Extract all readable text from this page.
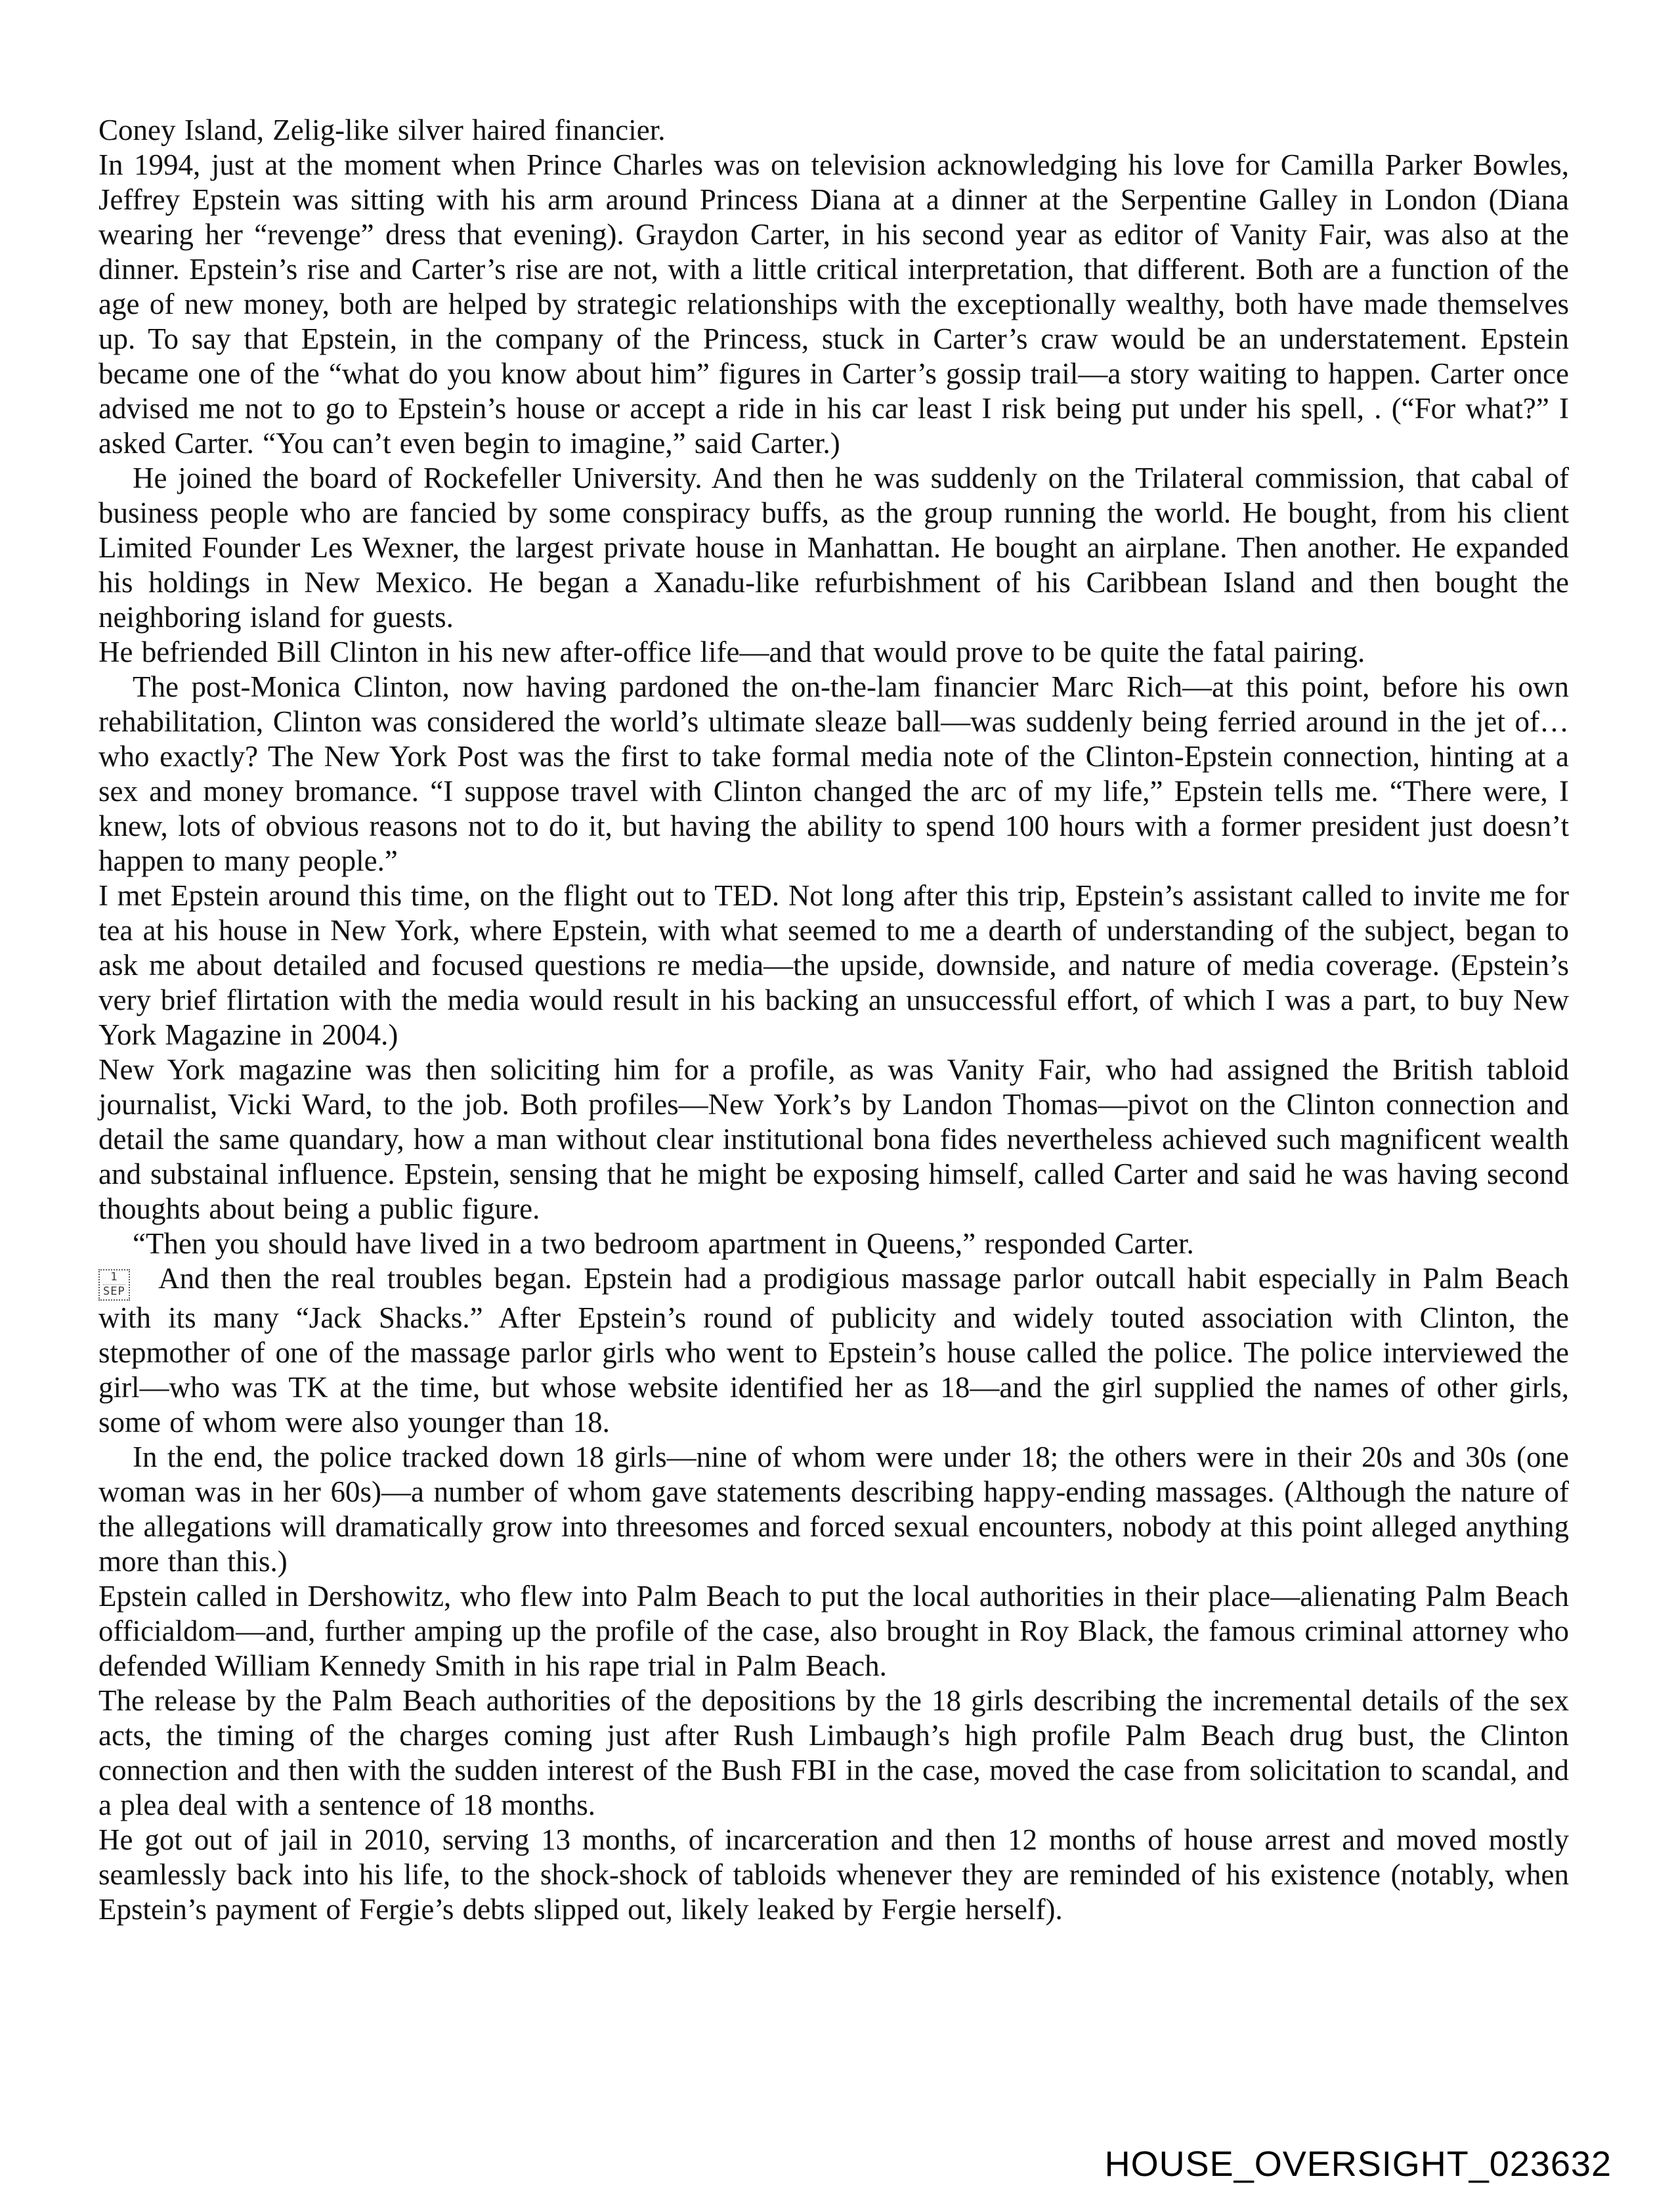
Coney Island, Zelig-like silver haired financier.

In 1994, just at the moment when Prince Charles was on television acknowledging his love for Camilla Parker Bowles, Jeffrey Epstein was sitting with his arm around Princess Diana at a dinner at the Serpentine Galley in London (Diana wearing her “revenge” dress that evening). Graydon Carter, in his second year as editor of Vanity Fair, was also at the dinner. Epstein’s rise and Carter’s rise are not, with a little critical interpretation, that different. Both are a function of the age of new money, both are helped by strategic relationships with the exceptionally wealthy, both have made themselves up. To say that Epstein, in the company of the Princess, stuck in Carter’s craw would be an understatement. Epstein became one of the “what do you know about him” figures in Carter’s gossip trail—a story waiting to happen. Carter once advised me not to go to Epstein’s house or accept a ride in his car least I risk being put under his spell, . (“For what?” I asked Carter. “You can’t even begin to imagine,” said Carter.)

He joined the board of Rockefeller University. And then he was suddenly on the Trilateral commission, that cabal of business people who are fancied by some conspiracy buffs, as the group running the world. He bought, from his client Limited Founder Les Wexner, the largest private house in Manhattan. He bought an airplane. Then another. He expanded his holdings in New Mexico. He began a Xanadu-like refurbishment of his Caribbean Island and then bought the neighboring island for guests.

He befriended Bill Clinton in his new after-office life—and that would prove to be quite the fatal pairing.

The post-Monica Clinton, now having pardoned the on-the-lam financier Marc Rich—at this point, before his own rehabilitation, Clinton was considered the world’s ultimate sleaze ball—was suddenly being ferried around in the jet of…who exactly? The New York Post was the first to take formal media note of the Clinton-Epstein connection, hinting at a sex and money bromance. “I suppose travel with Clinton changed the arc of my life,” Epstein tells me. “There were, I knew, lots of obvious reasons not to do it, but having the ability to spend 100 hours with a former president just doesn’t happen to many people.”

I met Epstein around this time, on the flight out to TED. Not long after this trip, Epstein’s assistant called to invite me for tea at his house in New York, where Epstein, with what seemed to me a dearth of understanding of the subject, began to ask me about detailed and focused questions re media—the upside, downside, and nature of media coverage. (Epstein’s very brief flirtation with the media would result in his backing an unsuccessful effort, of which I was a part, to buy New York Magazine in 2004.)

New York magazine was then soliciting him for a profile, as was Vanity Fair, who had assigned the British tabloid journalist, Vicki Ward, to the job. Both profiles—New York’s by Landon Thomas—pivot on the Clinton connection and detail the same quandary, how a man without clear institutional bona fides nevertheless achieved such magnificent wealth and substainal influence. Epstein, sensing that he might be exposing himself, called Carter and said he was having second thoughts about being a public figure.

“Then you should have lived in a two bedroom apartment in Queens,” responded Carter.

1
SEP And then the real troubles began. Epstein had a prodigious massage parlor outcall habit especially in Palm Beach with its many “Jack Shacks.” After Epstein’s round of publicity and widely touted association with Clinton, the stepmother of one of the massage parlor girls who went to Epstein’s house called the police. The police interviewed the girl—who was TK at the time, but whose website identified her as 18—and the girl supplied the names of other girls, some of whom were also younger than 18.

In the end, the police tracked down 18 girls—nine of whom were under 18; the others were in their 20s and 30s (one woman was in her 60s)—a number of whom gave statements describing happy-ending massages. (Although the nature of the allegations will dramatically grow into threesomes and forced sexual encounters, nobody at this point alleged anything more than this.)

Epstein called in Dershowitz, who flew into Palm Beach to put the local authorities in their place—alienating Palm Beach officialdom—and, further amping up the profile of the case, also brought in Roy Black, the famous criminal attorney who defended William Kennedy Smith in his rape trial in Palm Beach.

The release by the Palm Beach authorities of the depositions by the 18 girls describing the incremental details of the sex acts, the timing of the charges coming just after Rush Limbaugh’s high profile Palm Beach drug bust, the Clinton connection and then with the sudden interest of the Bush FBI in the case, moved the case from solicitation to scandal, and a plea deal with a sentence of 18 months.

He got out of jail in 2010, serving 13 months, of incarceration and then 12 months of house arrest and moved mostly seamlessly back into his life, to the shock-shock of tabloids whenever they are reminded of his existence (notably, when Epstein’s payment of Fergie’s debts slipped out, likely leaked by Fergie herself).

HOUSE_OVERSIGHT_023632
